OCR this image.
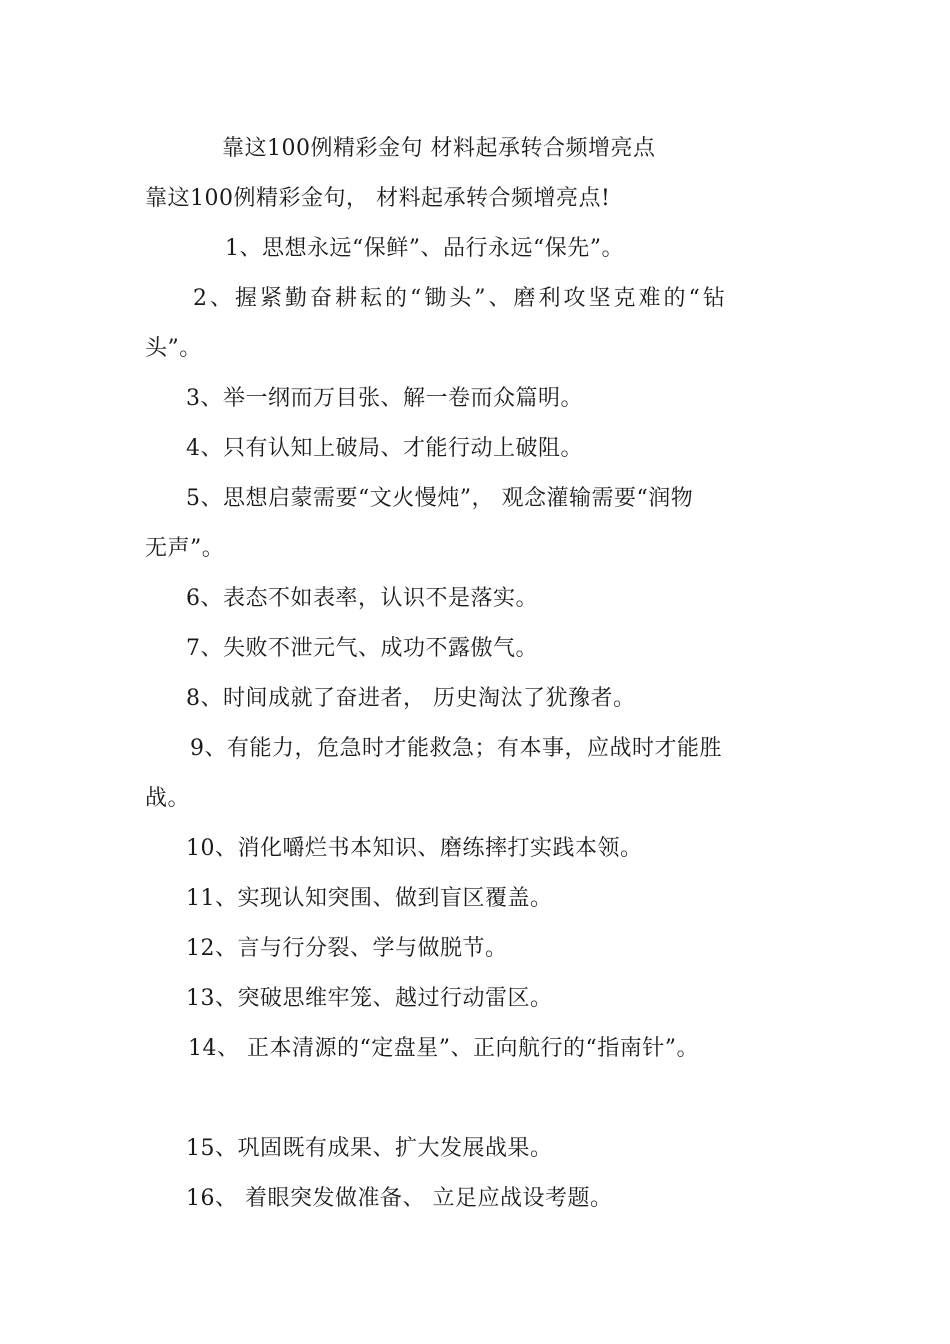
靠这100例精彩金句 材料起承转合频增亮点
靠这100例精彩金句， 材料起承转合频增亮点!
1、思想永远“保鲜”、品行永远“保先”。
2、握紧勤奋耕耘的“锄头”、磨利攻坚克难的“钻
头”。
3、举一纲而万目张、解一卷而众篇明。
4、只有认知上破局、才能行动上破阻。
5、思想启蒙需要“文火慢炖”， 观念灌输需要“润物
无声”。
6、表态不如表率，认识不是落实。
7、失败不泄元气、成功不露傲气。
8、时间成就了奋进者， 历史淘汰了犹豫者。
9、有能力，危急时才能救急；有本事，应战时才能胜
战。
10、消化嚼烂书本知识、磨练摔打实践本领。
11、实现认知突围、做到盲区覆盖。
12、言与行分裂、学与做脱节。
13、突破思维牢笼、越过行动雷区。
14、 正本清源的“定盘星”、正向航行的“指南针”。
15、巩固既有成果、扩大发展战果。
16、 着眼突发做准备、 立足应战设考题。
